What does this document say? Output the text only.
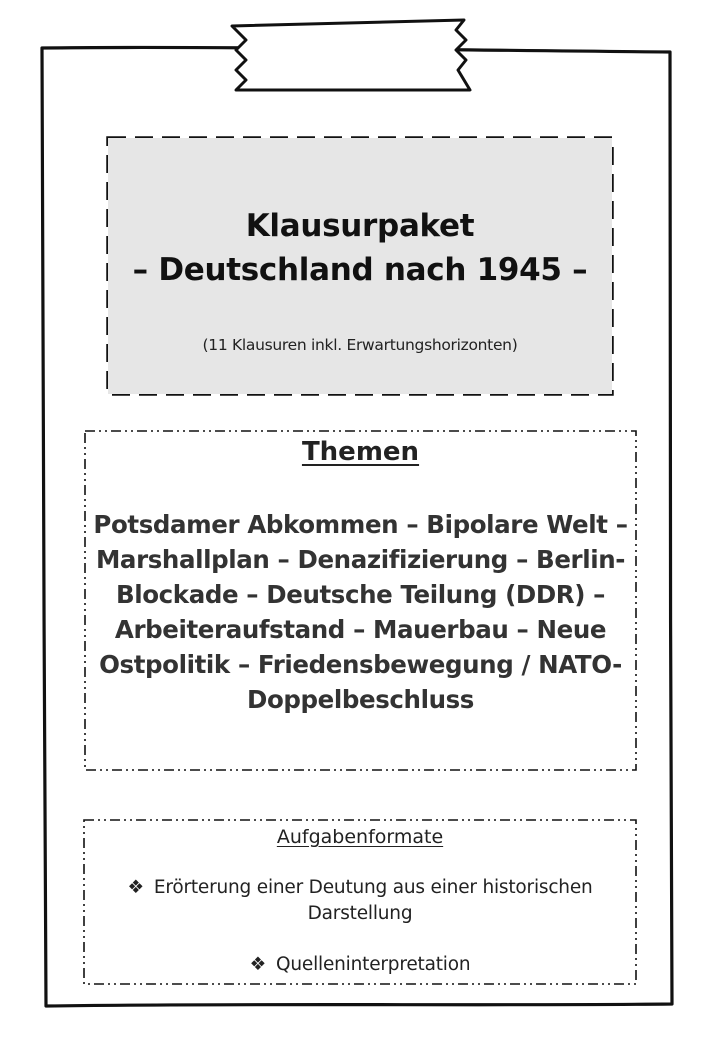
Klausurpaket
– Deutschland nach 1945 –
(11 Klausuren inkl. Erwartungshorizonten)
Themen
Potsdamer Abkommen – Bipolare Welt – Marshallplan – Denazifizierung – Berlin-Blockade – Deutsche Teilung (DDR) – Arbeiteraufstand – Mauerbau – Neue Ostpolitik – Friedensbewegung / NATO-Doppelbeschluss
Aufgabenformate
❖ Erörterung einer Deutung aus einer historischen Darstellung
❖ Quelleninterpretation
